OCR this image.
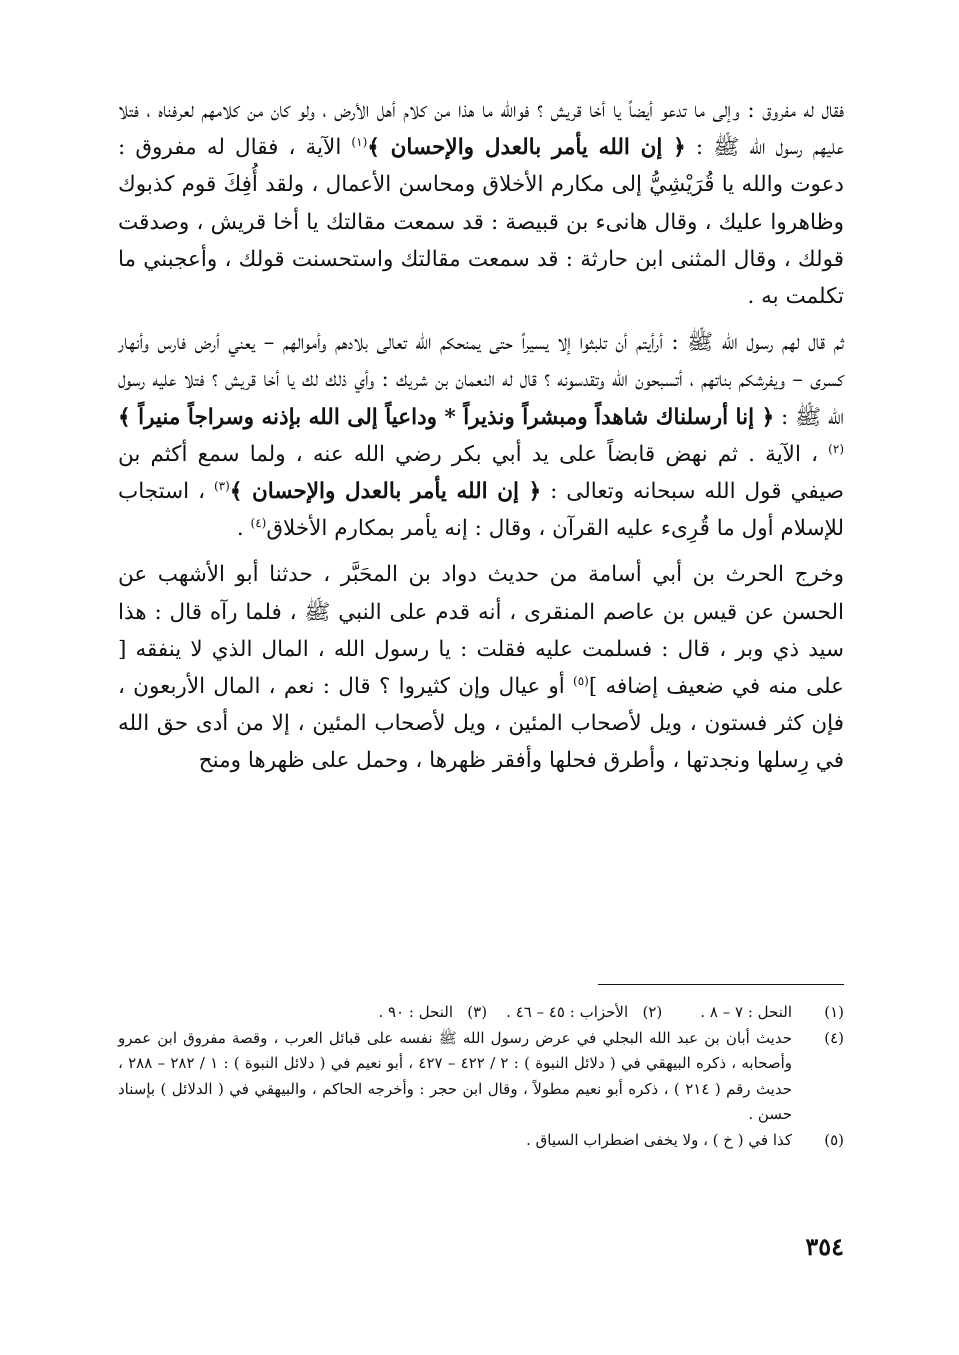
فقال له مفروق : وإلى ما تدعو أيضاً يا أخا قريش ؟ فوالله ما هذا من كلام أهل الأرض ، ولو كان من كلامهم لعرفناه ، فتلا عليهم رسول الله ﷺ : ﴿ إن الله يأمر بالعدل والإحسان ﴾$^{(١)}$ الآية ، فقال له مفروق : دعوت والله يا قُرَيْشِيُّ إلى مكارم الأخلاق ومحاسن الأعمال ، ولقد أُفِكَ قوم كذبوك وظاهروا عليك ، وقال هانىء بن قبيصة : قد سمعت مقالتك يا أخا قريش ، وصدقت قولك ، وقال المثنى ابن حارثة : قد سمعت مقالتك واستحسنت قولك ، وأعجبني ما تكلمت به .
ثم قال لهم رسول الله ﷺ : أرأيتم أن تلبثوا إلا يسيراً حتى يمنحكم الله تعالى بلادهم وأموالهم – يعني أرض فارس وأنهار كسرى – ويفرشكم بناتهم ، أتسبحون الله وتقدسونه ؟ قال له النعمان بن شريك : وأي ذلك لك يا أخا قريش ؟ فتلا عليه رسول الله ﷺ : ﴿ إنا أرسلناك شاهداً ومبشراً ونذيراً * وداعياً إلى الله بإذنه وسراجاً منيراً ﴾$^{(٢)}$ ، الآية . ثم نهض قابضاً على يد أبي بكر رضي الله عنه ، ولما سمع أكثم بن صيفي قول الله سبحانه وتعالى : ﴿ إن الله يأمر بالعدل والإحسان ﴾$^{(٣)}$ ، استجاب للإسلام أول ما قُرِىء عليه القرآن ، وقال : إنه يأمر بمكارم الأخلاق$^{(٤)}$ .
وخرج الحرث بن أبي أسامة من حديث دواد بن المحَبَّر ، حدثنا أبو الأشهب عن الحسن عن قيس بن عاصم المنقرى ، أنه قدم على النبي ﷺ ، فلما رآه قال : هذا سيد ذي وبر ، قال : فسلمت عليه فقلت : يا رسول الله ، المال الذي لا ينفقه [ على منه في ضعيف إضافه ]$^{(٥)}$ أو عيال وإن كثيروا ؟ قال : نعم ، المال الأربعون ، فإن كثر فستون ، ويل لأصحاب المئين ، ويل لأصحاب المئين ، إلا من أدى حق الله في رِسلها ونجدتها ، وأطرق فحلها وأفقر ظهرها ، وحمل على ظهرها ومنح
(١)
النحل : ٧ – ٨ .        (٢)   الأحزاب : ٤٥ – ٤٦ .    (٣)   النحل : ٩٠ .
(٤)
حديث أبان بن عبد الله البجلي في عرض رسول الله ﷺ نفسه على قبائل العرب ، وقصة مفروق ابن عمرو وأصحابه ، ذكره البيهقي في ( دلائل النبوة ) : ٢ / ٤٢٢ – ٤٢٧ ، أبو نعيم في ( دلائل النبوة ) : ١ / ٢٨٢ – ٢٨٨ ، حديث رقم ( ٢١٤ ) ، ذكره أبو نعيم مطولاً ، وقال ابن حجر : وأخرجه الحاكم ، والبيهقي في ( الدلائل ) بإسناد حسن .
(٥)
كذا في ( خ ) ، ولا يخفى اضطراب السياق .
٣٥٤
